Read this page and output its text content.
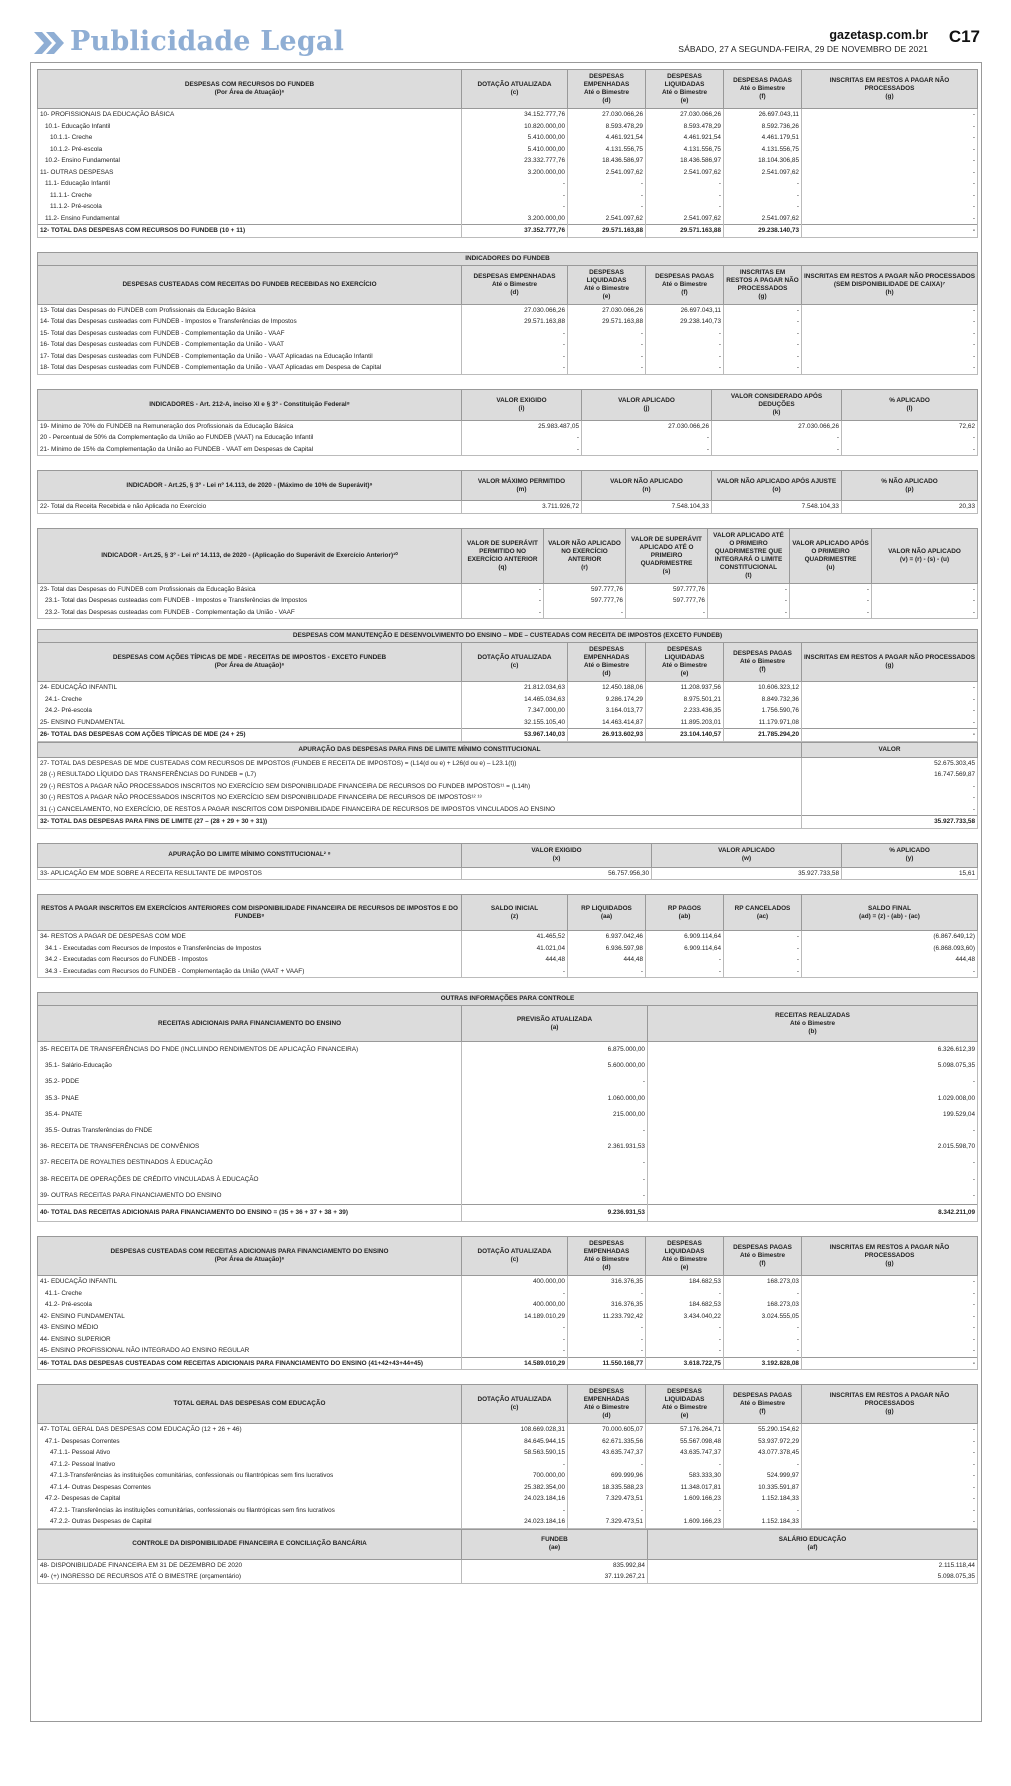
Publicidade Legal	gazetasp.com.br
SÁBADO, 27 A SEGUNDA-FEIRA, 29 DE NOVEMBRO DE 2021
C17
DESPESAS COM RECURSOS DO FUNDEB
(Por Área de Atuação)⁶	DOTAÇÃO ATUALIZADA
(c)	DESPESAS EMPENHADAS
Até o Bimestre
(d)	DESPESAS LIQUIDADAS
Até o Bimestre
(e)	DESPESAS PAGAS
Até o Bimestre
(f)	INSCRITAS EM RESTOS A PAGAR NÃO PROCESSADOS
(g)
10- PROFISSIONAIS DA EDUCAÇÃO BÁSICA	34.152.777,76	27.030.066,26	27.030.066,26	26.697.043,11	-
10.1- Educação Infantil	10.820.000,00	8.593.478,29	8.593.478,29	8.592.736,26	-
10.1.1- Creche	5.410.000,00	4.461.921,54	4.461.921,54	4.461.179,51	-
10.1.2- Pré-escola	5.410.000,00	4.131.556,75	4.131.556,75	4.131.556,75	-
10.2- Ensino Fundamental	23.332.777,76	18.436.586,97	18.436.586,97	18.104.306,85	-
11- OUTRAS DESPESAS	3.200.000,00	2.541.097,62	2.541.097,62	2.541.097,62	-
11.1- Educação Infantil	-	-	-	-	-
11.1.1- Creche	-	-	-	-	-
11.1.2- Pré-escola	-	-	-	-	-
11.2- Ensino Fundamental	3.200.000,00	2.541.097,62	2.541.097,62	2.541.097,62	-
12- TOTAL DAS DESPESAS COM RECURSOS DO FUNDEB (10 + 11)	37.352.777,76	29.571.163,88	29.571.163,88	29.238.140,73	-
INDICADORES DO FUNDEB					
DESPESAS CUSTEADAS COM RECEITAS DO FUNDEB RECEBIDAS NO EXERCÍCIO	DESPESAS EMPENHADAS
Até o Bimestre
(d)	DESPESAS LIQUIDADAS
Até o Bimestre
(e)	DESPESAS PAGAS
Até o Bimestre
(f)	INSCRITAS EM RESTOS A PAGAR NÃO PROCESSADOS
(g)	INSCRITAS EM RESTOS A PAGAR NÃO PROCESSADOS (SEM DISPONIBILIDADE DE CAIXA)⁷
(h)
13- Total das Despesas do FUNDEB com Profissionais da Educação Básica	27.030.066,26	27.030.066,26	26.697.043,11	-	-
14- Total das Despesas custeadas com FUNDEB - Impostos e Transferências de Impostos	29.571.163,88	29.571.163,88	29.238.140,73	-	-
15- Total das Despesas custeadas com FUNDEB - Complementação da União - VAAF	-	-	-	-	-
16- Total das Despesas custeadas com FUNDEB - Complementação da União - VAAT	-	-	-	-	-
17- Total das Despesas custeadas com FUNDEB - Complementação da União - VAAT Aplicadas na Educação Infantil	-	-	-	-	-
18- Total das Despesas custeadas com FUNDEB - Complementação da União - VAAT Aplicadas em Despesa de Capital	-	-	-	-	-
INDICADORES - Art. 212-A, inciso XI e § 3º - Constituição Federal⁸	VALOR EXIGIDO
(i)	VALOR APLICADO
(j)	VALOR CONSIDERADO APÓS DEDUÇÕES
(k)	% APLICADO
(l)
19- Mínimo de 70% do FUNDEB na Remuneração dos Profissionais da Educação Básica	25.983.487,05	27.030.066,26	27.030.066,26	72,62
20 - Percentual de 50% da Complementação da União ao FUNDEB (VAAT) na Educação Infantil	-	-	-	-
21- Mínimo de 15% da Complementação da União ao FUNDEB - VAAT em Despesas de Capital	-	-	-	-
INDICADOR - Art.25, § 3º - Lei nº 14.113, de 2020 - (Máximo de 10% de Superávit)⁹	VALOR MÁXIMO PERMITIDO
(m)	VALOR NÃO APLICADO
(n)	VALOR NÃO APLICADO APÓS AJUSTE
(o)	% NÃO APLICADO
(p)
22- Total da Receita Recebida e não Aplicada no Exercício	3.711.926,72	7.548.104,33	7.548.104,33	20,33
INDICADOR - Art.25, § 3º - Lei nº 14.113, de 2020 - (Aplicação do Superávit de Exercício Anterior)¹⁰	VALOR DE SUPERÁVIT PERMITIDO NO EXERCÍCIO ANTERIOR
(q)	VALOR NÃO APLICADO NO EXERCÍCIO ANTERIOR
(r)	VALOR DE SUPERÁVIT APLICADO ATÉ O PRIMEIRO QUADRIMESTRE
(s)	VALOR APLICADO ATÉ O PRIMEIRO QUADRIMESTRE QUE INTEGRARÁ O LIMITE CONSTITUCIONAL
(t)	VALOR APLICADO APÓS O PRIMEIRO QUADRIMESTRE
(u)	VALOR NÃO APLICADO
(v) = (r) - (s) - (u)
23- Total das Despesas do FUNDEB com Profissionais da Educação Básica	-	597.777,76	597.777,76	-	-	-
23.1- Total das Despesas custeadas com FUNDEB - Impostos e Transferências de Impostos	-	597.777,76	597.777,76	-	-	-
23.2- Total das Despesas custeadas com FUNDEB - Complementação da União - VAAF	-	-	-	-	-	-
DESPESAS COM MANUTENÇÃO E DESENVOLVIMENTO DO ENSINO – MDE – CUSTEADAS COM RECEITA DE IMPOSTOS (EXCETO FUNDEB)					
DESPESAS COM AÇÕES TÍPICAS DE MDE - RECEITAS DE IMPOSTOS - EXCETO FUNDEB
(Por Área de Atuação)⁶	DOTAÇÃO ATUALIZADA
(c)	DESPESAS EMPENHADAS
Até o Bimestre
(d)	DESPESAS LIQUIDADAS
Até o Bimestre
(e)	DESPESAS PAGAS
Até o Bimestre
(f)	INSCRITAS EM RESTOS A PAGAR NÃO PROCESSADOS
(g)
24- EDUCAÇÃO INFANTIL	21.812.034,63	12.450.188,06	11.208.937,56	10.606.323,12	-
24.1- Creche	14.465.034,63	9.286.174,29	8.975.501,21	8.849.732,36	-
24.2- Pré-escola	7.347.000,00	3.164.013,77	2.233.436,35	1.756.590,76	-
25- ENSINO FUNDAMENTAL	32.155.105,40	14.463.414,87	11.895.203,01	11.179.971,08	-
26- TOTAL DAS DESPESAS COM AÇÕES TÍPICAS DE MDE (24 + 25)	53.967.140,03	26.913.602,93	23.104.140,57	21.785.294,20	-
APURAÇÃO DAS DESPESAS PARA FINS DE LIMITE MÍNIMO CONSTITUCIONAL	VALOR
27- TOTAL DAS DESPESAS DE MDE CUSTEADAS COM RECURSOS DE IMPOSTOS (FUNDEB E RECEITA DE IMPOSTOS) = (L14(d ou e) + L26(d ou e) – L23.1(t))	52.675.303,45
28 (-) RESULTADO LÍQUIDO DAS TRANSFERÊNCIAS DO FUNDEB = (L7)	16.747.569,87
29 (-) RESTOS A PAGAR NÃO PROCESSADOS INSCRITOS NO EXERCÍCIO SEM DISPONIBILIDADE FINANCEIRA DE RECURSOS DO FUNDEB IMPOSTOS¹¹ = (L14h)	-
30 (-) RESTOS A PAGAR NÃO PROCESSADOS INSCRITOS NO EXERCÍCIO SEM DISPONIBILIDADE FINANCEIRA DE RECURSOS DE IMPOSTOS¹² ¹³	-
31 (-) CANCELAMENTO, NO EXERCÍCIO, DE RESTOS A PAGAR INSCRITOS COM DISPONIBILIDADE FINANCEIRA DE RECURSOS DE IMPOSTOS VINCULADOS AO ENSINO	-
32- TOTAL DAS DESPESAS PARA FINS DE LIMITE (27 – (28 + 29 + 30 + 31))	35.927.733,58
APURAÇÃO DO LIMITE MÍNIMO CONSTITUCIONAL² ⁸	VALOR EXIGIDO
(x)	VALOR APLICADO
(w)	% APLICADO
(y)
33- APLICAÇÃO EM MDE SOBRE A RECEITA RESULTANTE DE IMPOSTOS	56.757.956,30	35.927.733,58	15,61
RESTOS A PAGAR INSCRITOS EM EXERCÍCIOS ANTERIORES COM DISPONIBILIDADE FINANCEIRA DE RECURSOS DE IMPOSTOS E DO FUNDEB⁸	SALDO INICIAL
(z)	RP LIQUIDADOS
(aa)	RP PAGOS
(ab)	RP CANCELADOS
(ac)	SALDO FINAL
(ad) = (z) - (ab) - (ac)
34- RESTOS A PAGAR DE DESPESAS COM MDE	41.465,52	6.937.042,46	6.909.114,64	-	(6.867.649,12)
34.1 - Executadas com Recursos de Impostos e Transferências de Impostos	41.021,04	6.936.597,98	6.909.114,64	-	(6.868.093,60)
34.2 - Executadas com Recursos do FUNDEB - Impostos	444,48	444,48	-	-	444,48
34.3 - Executadas com Recursos do FUNDEB - Complementação da União (VAAT + VAAF)	-	-	-	-	-
OUTRAS INFORMAÇÕES PARA CONTROLE		
RECEITAS ADICIONAIS PARA FINANCIAMENTO DO ENSINO	PREVISÃO ATUALIZADA
(a)	RECEITAS REALIZADAS
Até o Bimestre
(b)
35- RECEITA DE TRANSFERÊNCIAS DO FNDE (INCLUINDO RENDIMENTOS DE APLICAÇÃO FINANCEIRA)	6.875.000,00	6.326.612,39
35.1- Salário-Educação	5.600.000,00	5.098.075,35
35.2- PDDE	-	-
35.3- PNAE	1.060.000,00	1.029.008,00
35.4- PNATE	215.000,00	199.529,04
35.5- Outras Transferências do FNDE	-	-
36- RECEITA DE TRANSFERÊNCIAS DE CONVÊNIOS	2.361.931,53	2.015.598,70
37- RECEITA DE ROYALTIES DESTINADOS À EDUCAÇÃO	-	-
38- RECEITA DE OPERAÇÕES DE CRÉDITO VINCULADAS À EDUCAÇÃO	-	-
39- OUTRAS RECEITAS PARA FINANCIAMENTO DO ENSINO	-	-
40- TOTAL DAS RECEITAS ADICIONAIS PARA FINANCIAMENTO DO ENSINO = (35 + 36 + 37 + 38 + 39)	9.236.931,53	8.342.211,09
DESPESAS CUSTEADAS COM RECEITAS ADICIONAIS PARA FINANCIAMENTO DO ENSINO
(Por Área de Atuação)⁶	DOTAÇÃO ATUALIZADA
(c)	DESPESAS EMPENHADAS
Até o Bimestre
(d)	DESPESAS LIQUIDADAS
Até o Bimestre
(e)	DESPESAS PAGAS
Até o Bimestre
(f)	INSCRITAS EM RESTOS A PAGAR NÃO PROCESSADOS
(g)
41- EDUCAÇÃO INFANTIL	400.000,00	316.376,35	184.682,53	168.273,03	-
41.1- Creche	-	-	-	-	-
41.2- Pré-escola	400.000,00	316.376,35	184.682,53	168.273,03	-
42- ENSINO FUNDAMENTAL	14.189.010,29	11.233.792,42	3.434.040,22	3.024.555,05	-
43- ENSINO MÉDIO	-	-	-	-	-
44- ENSINO SUPERIOR	-	-	-	-	-
45- ENSINO PROFISSIONAL NÃO INTEGRADO AO ENSINO REGULAR	-	-	-	-	-
46- TOTAL DAS DESPESAS CUSTEADAS COM RECEITAS ADICIONAIS PARA FINANCIAMENTO DO ENSINO (41+42+43+44+45)	14.589.010,29	11.550.168,77	3.618.722,75	3.192.828,08	-
TOTAL GERAL DAS DESPESAS COM EDUCAÇÃO	DOTAÇÃO ATUALIZADA
(c)	DESPESAS EMPENHADAS
Até o Bimestre
(d)	DESPESAS LIQUIDADAS
Até o Bimestre
(e)	DESPESAS PAGAS
Até o Bimestre
(f)	INSCRITAS EM RESTOS A PAGAR NÃO PROCESSADOS
(g)
47- TOTAL GERAL DAS DESPESAS COM EDUCAÇÃO (12 + 26 + 46)	108.669.028,31	70.000.605,07	57.176.264,71	55.290.154,62	-
47.1- Despesas Correntes	84.645.944,15	62.671.335,56	55.567.098,48	53.937.972,29	-
47.1.1- Pessoal Ativo	58.563.590,15	43.635.747,37	43.635.747,37	43.077.378,45	-
47.1.2- Pessoal Inativo	-	-	-	-	-
47.1.3-Transferências às instituições comunitárias, confessionais ou filantrópicas sem fins lucrativos	700.000,00	699.999,96	583.333,30	524.999,97	-
47.1.4- Outras Despesas Correntes	25.382.354,00	18.335.588,23	11.348.017,81	10.335.591,87	-
47.2- Despesas de Capital	24.023.184,16	7.329.473,51	1.609.166,23	1.152.184,33	-
47.2.1- Transferências às instituições comunitárias, confessionais ou filantrópicas sem fins lucrativos	-	-	-	-	-
47.2.2- Outras Despesas de Capital	24.023.184,16	7.329.473,51	1.609.166,23	1.152.184,33	-
CONTROLE DA DISPONIBILIDADE FINANCEIRA E CONCILIAÇÃO BANCÁRIA	FUNDEB
(ae)	SALÁRIO EDUCAÇÃO
(af)
48- DISPONIBILIDADE FINANCEIRA EM 31 DE DEZEMBRO DE 2020	835.992,84	2.115.118,44
49- (+) INGRESSO DE RECURSOS ATÉ O BIMESTRE (orçamentário)	37.119.267,21	5.098.075,35
